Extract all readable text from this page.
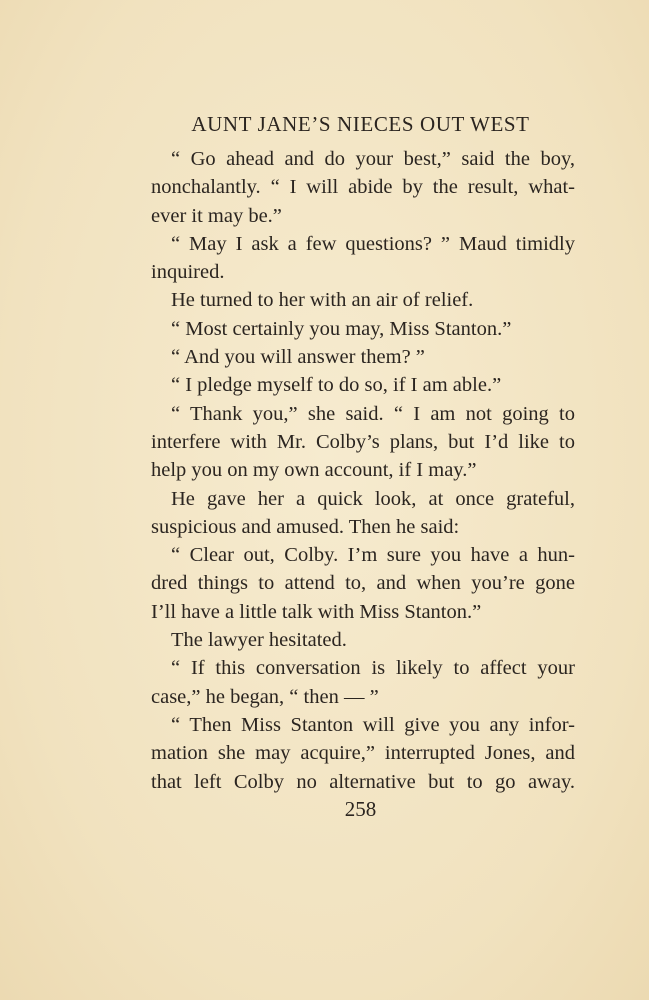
AUNT JANE’S NIECES OUT WEST
“ Go ahead and do your best,” said the boy,
nonchalantly. “ I will abide by the result, what-
ever it may be.”
“ May I ask a few questions? ” Maud timidly
inquired.
He turned to her with an air of relief.
“ Most certainly you may, Miss Stanton.”
“ And you will answer them? ”
“ I pledge myself to do so, if I am able.”
“ Thank you,” she said. “ I am not going to
interfere with Mr. Colby’s plans, but I’d like to
help you on my own account, if I may.”
He gave her a quick look, at once grateful,
suspicious and amused. Then he said:
“ Clear out, Colby. I’m sure you have a hun-
dred things to attend to, and when you’re gone
I’ll have a little talk with Miss Stanton.”
The lawyer hesitated.
“ If this conversation is likely to affect your
case,” he began, “ then — ”
“ Then Miss Stanton will give you any infor-
mation she may acquire,” interrupted Jones, and
that left Colby no alternative but to go away.
258
